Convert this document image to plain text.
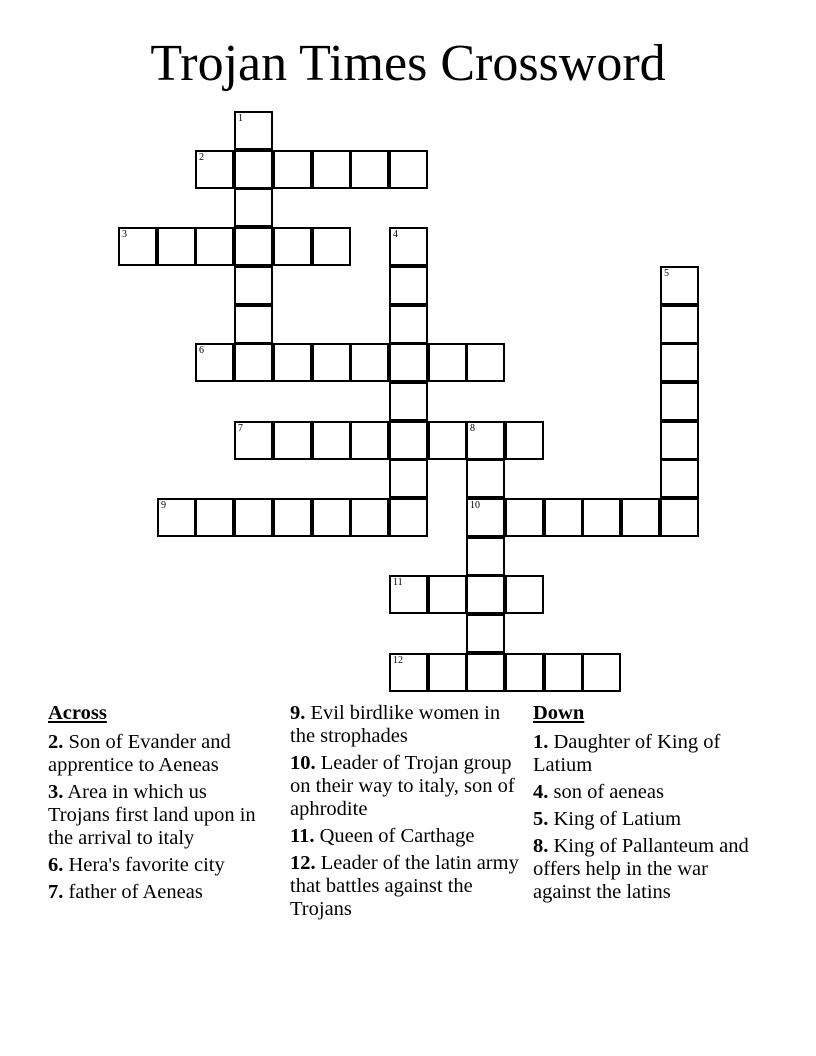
Trojan Times Crossword
1
2
3	4
5
6
7	8
9	10
11
12
Across
2. Son of Evander and apprentice to Aeneas
3. Area in which us Trojans first land upon in the arrival to italy
6. Hera's favorite city
7. father of Aeneas
9. Evil birdlike women in the strophades
10. Leader of Trojan group on their way to italy, son of aphrodite
11. Queen of Carthage
12. Leader of the latin army that battles against the Trojans
Down
1. Daughter of King of Latium
4. son of aeneas
5. King of Latium
8. King of Pallanteum and offers help in the war against the latins
